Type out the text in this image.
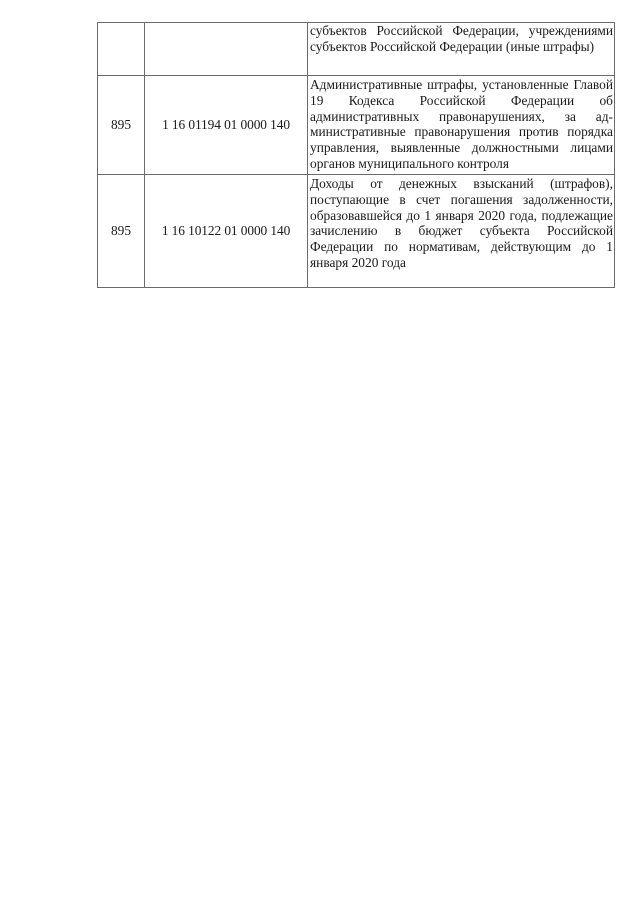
		субъектов Российской Федерации, учреждениями субъектов Российской Федерации (иные штрафы)
895	1 16 01194 01 0000 140	Административные штрафы, установленные Главой 19 Кодекса Российской Федерации об административных правонарушениях, за административные правонарушения против порядка управления, выявленные должностными лицами органов муниципального контроля
895	1 16 10122 01 0000 140	Доходы от денежных взысканий (штрафов), поступающие в счет погашения задолженности, образовавшейся до 1 января 2020 года, подлежащие зачислению в бюджет субъекта Российской Федерации по нормативам, действующим до 1 января 2020 года
